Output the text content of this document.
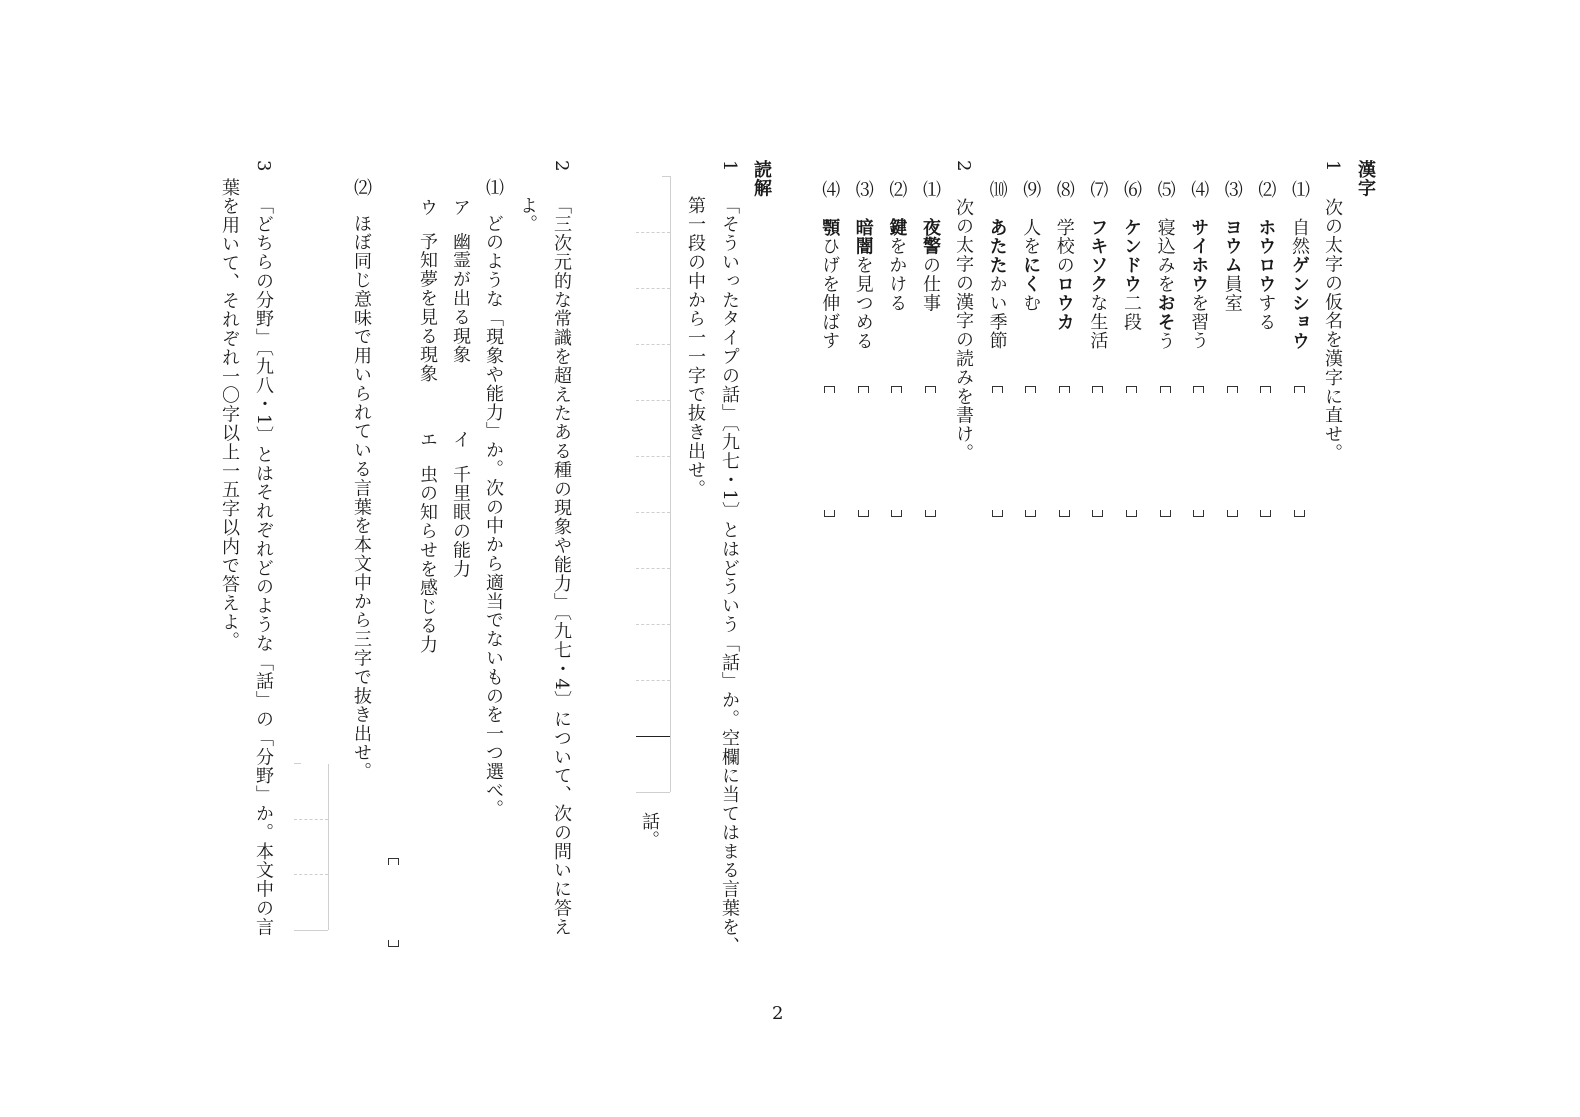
漢字
1
次の太字の仮名を漢字に直せ。
⑴
自然ゲンショウ
⑵
ホウロウする
⑶
ヨウム員室
⑷
サイホウを習う
⑸
寝込みをおそう
⑹
ケンドウ二段
⑺
フキソクな生活
⑻
学校のロウカ
⑼
人をにくむ
⑽
あたたかい季節
2
次の太字の漢字の読みを書け。
⑴
夜警の仕事
⑵
鍵をかける
⑶
暗闇を見つめる
⑷
顎ひげを伸ばす
読解
1
「そういったタイプの話」〔九七・1〕とはどういう「話」か。空欄に当てはまる言葉を、
第一段の中から一一字で抜き出せ。
話。
2
「三次元的な常識を超えたある種の現象や能力」〔九七・4〕について、次の問いに答え
よ。
⑴
どのような「現象や能力」か。次の中から適当でないものを一つ選べ。
ア
幽霊が出る現象
イ
千里眼の能力
ウ
予知夢を見る現象
エ
虫の知らせを感じる力
⑵
ほぼ同じ意味で用いられている言葉を本文中から三字で抜き出せ。
3
「どちらの分野」〔九八・1〕とはそれぞれどのような「話」の「分野」か。本文中の言
葉を用いて、それぞれ一〇字以上一五字以内で答えよ。
2
